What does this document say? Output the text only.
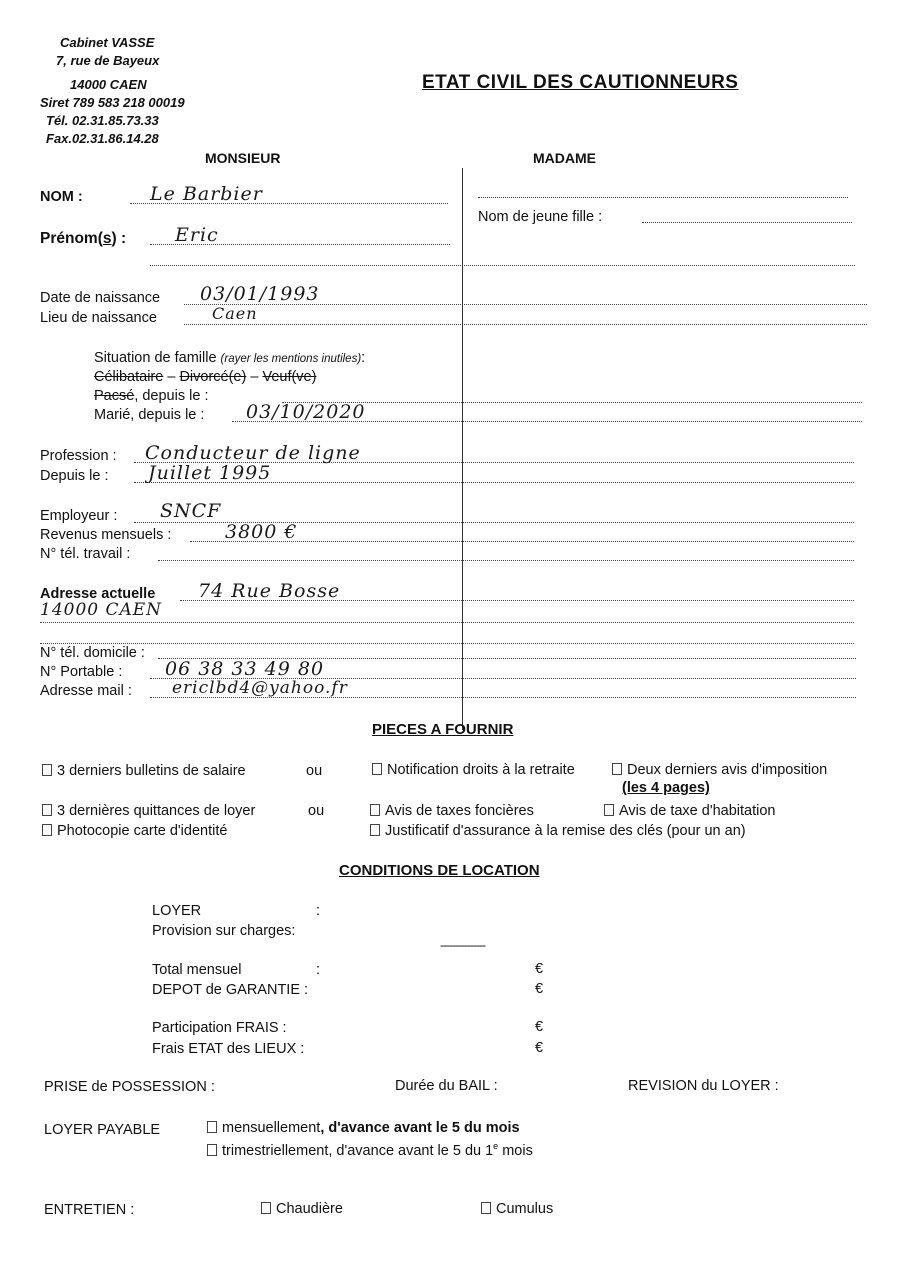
Cabinet VASSE
7, rue de Bayeux
14000 CAEN
Siret 789 583 218 00019
Tél. 02.31.85.73.33
Fax.02.31.86.14.28
ETAT CIVIL DES CAUTIONNEURS
MONSIEUR	MADAME
NOM :	Le Barbier
Nom de jeune fille :
Prénom(s) :	Eric
Date de naissance 03/01/1993
Lieu de naissance	Caen
Situation de famille (rayer les mentions inutiles):
Célibataire – Divorcé(e) – Veuf(ve)
Pacsé, depuis le :
Marié, depuis le : 03/10/2020
Profession : Conducteur de ligne
Depuis le : Juillet 1995
Employeur : SNCF
Revenus mensuels :	3800 €
N° tél. travail :
Adresse actuelle 74 Rue Bosse
14000 CAEN
N° tél. domicile :
N° Portable : 06 38 33 49 80
Adresse mail : ericlbd4@yahoo.fr
PIECES A FOURNIR
3 derniers bulletins de salaire	ou	Notification droits à la retraite	Deux derniers avis d'imposition
(les 4 pages)
3 dernières quittances de loyer	ou	Avis de taxes foncières	Avis de taxe d'habitation
Photocopie carte d'identité	Justificatif d'assurance à la remise des clés (pour un an)
CONDITIONS DE LOCATION
LOYER	:
Provision sur charges:
---------------
Total mensuel	:	€
DEPOT de GARANTIE :	€
Participation FRAIS :	€
Frais ETAT des LIEUX :	€
PRISE de POSSESSION :	Durée du BAIL :	REVISION du LOYER :
LOYER PAYABLE	mensuellement, d'avance avant le 5 du mois
trimestriellement, d'avance avant le 5 du 1e mois
ENTRETIEN :	Chaudière	Cumulus
